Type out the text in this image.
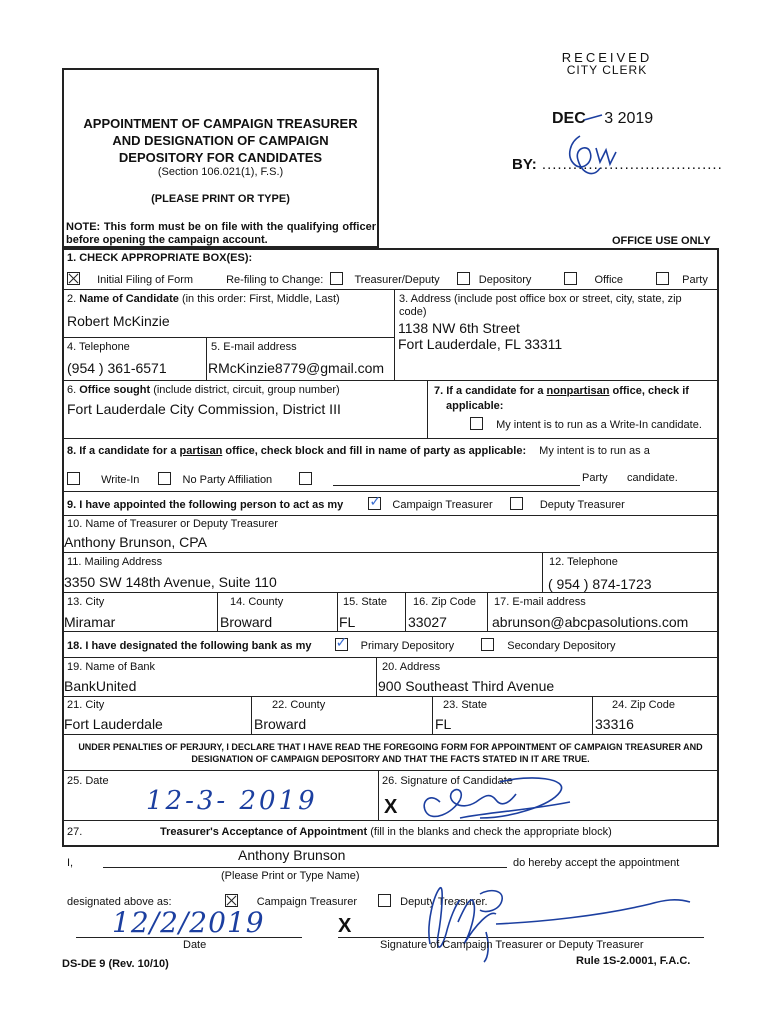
RECEIVED
CITY CLERK
DEC 3 2019
BY: ...................................
APPOINTMENT OF CAMPAIGN TREASURER
AND DESIGNATION OF CAMPAIGN
DEPOSITORY FOR CANDIDATES
(Section 106.021(1), F.S.)
(PLEASE PRINT OR TYPE)
NOTE: This form must be on file with the qualifying officer before opening the campaign account.	OFFICE USE ONLY
1. CHECK APPROPRIATE BOX(ES):
Initial Filing of Form	Re-filing to Change:	Treasurer/Deputy	Depository	Office	Party
2. Name of Candidate (in this order: First, Middle, Last)
Robert McKinzie
3. Address (include post office box or street, city, state, zip code)
1138 NW 6th Street
Fort Lauderdale, FL 33311
4. Telephone
(954 ) 361-6571
5. E-mail address
RMcKinzie8779@gmail.com
6. Office sought (include district, circuit, group number)
Fort Lauderdale City Commission, District III
7. If a candidate for a nonpartisan office, check if
applicable:
My intent is to run as a Write-In candidate.
8. If a candidate for a partisan office, check block and fill in name of party as applicable: My intent is to run as a
Write-In	No Party Affiliation	Party candidate.
9. I have appointed the following person to act as my ✓	Campaign Treasurer	Deputy Treasurer
10. Name of Treasurer or Deputy Treasurer
Anthony Brunson, CPA
11. Mailing Address
3350 SW 148th Avenue, Suite 110
12. Telephone
( 954 ) 874-1723
13. City
Miramar
14. County
Broward
15. State
FL
16. Zip Code
33027
17. E-mail address
abrunson@abcpasolutions.com
18. I have designated the following bank as my ✓	Primary Depository	Secondary Depository
19. Name of Bank
BankUnited
20. Address
900 Southeast Third Avenue
21. City
Fort Lauderdale
22. County
Broward
23. State
FL
24. Zip Code
33316
UNDER PENALTIES OF PERJURY, I DECLARE THAT I HAVE READ THE FOREGOING FORM FOR APPOINTMENT OF CAMPAIGN TREASURER AND
DESIGNATION OF CAMPAIGN DEPOSITORY AND THAT THE FACTS STATED IN IT ARE TRUE.
25. Date
12-3- 2019
26. Signature of Candidate
X
27.	Treasurer's Acceptance of Appointment (fill in the blanks and check the appropriate block)
I,	Anthony Brunson	do hereby accept the appointment
(Please Print or Type Name)
designated above as:	Campaign Treasurer	Deputy Treasurer.
12/2/2019
Date
X
Signature of Campaign Treasurer or Deputy Treasurer
DS-DE 9 (Rev. 10/10)	Rule 1S-2.0001, F.A.C.
